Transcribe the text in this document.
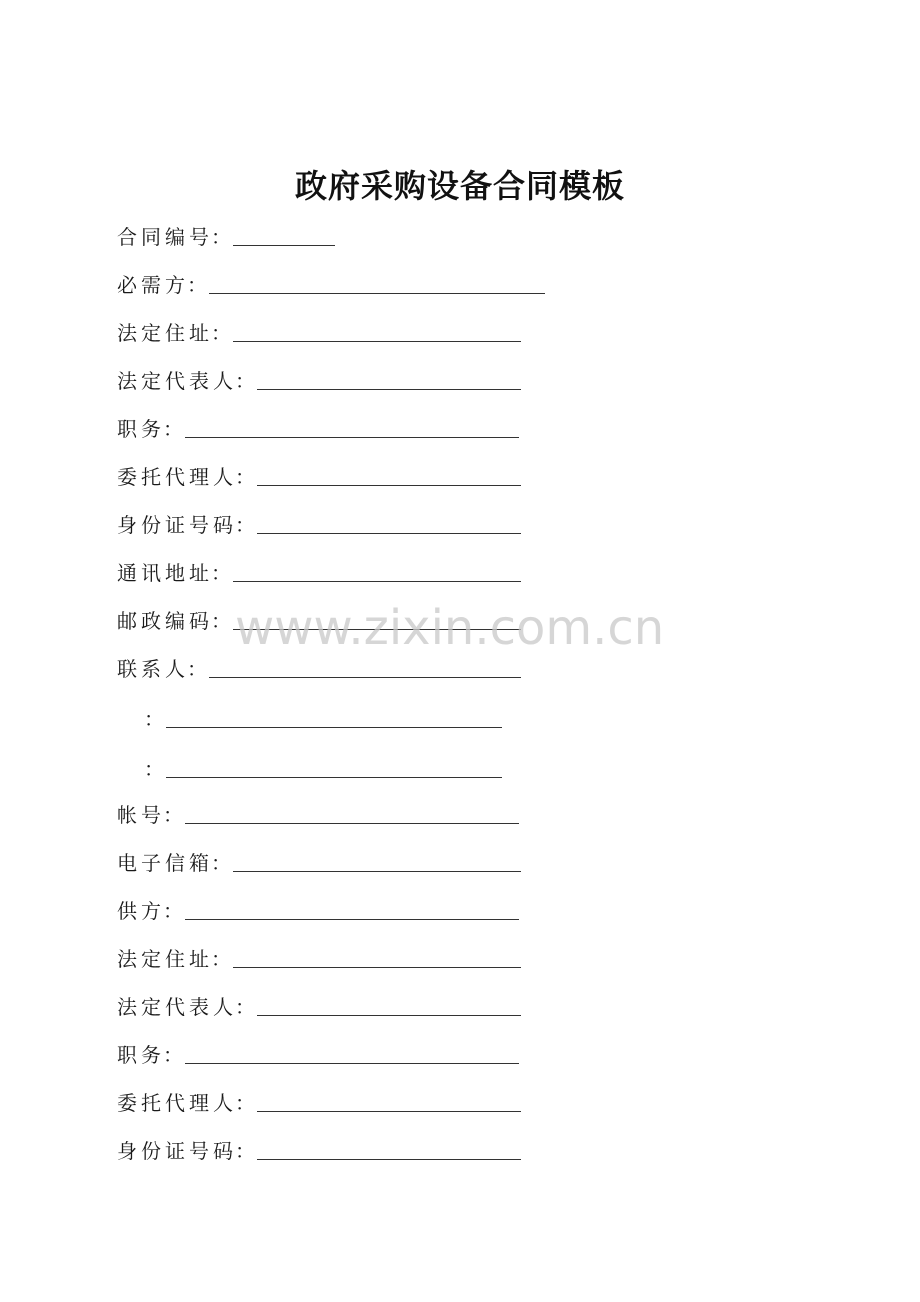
政府采购设备合同模板
合同编号
：
必需方
：
法定住址
：
法定代表人
：
职务
：
委托代理人
：
身份证号码
：
通讯地址
：
邮政编码
：
联系人
：
：
：
帐号
：
电子信箱
：
供方
：
法定住址
：
法定代表人
：
职务
：
委托代理人
：
身份证号码
：
www.zixin.com.cn
